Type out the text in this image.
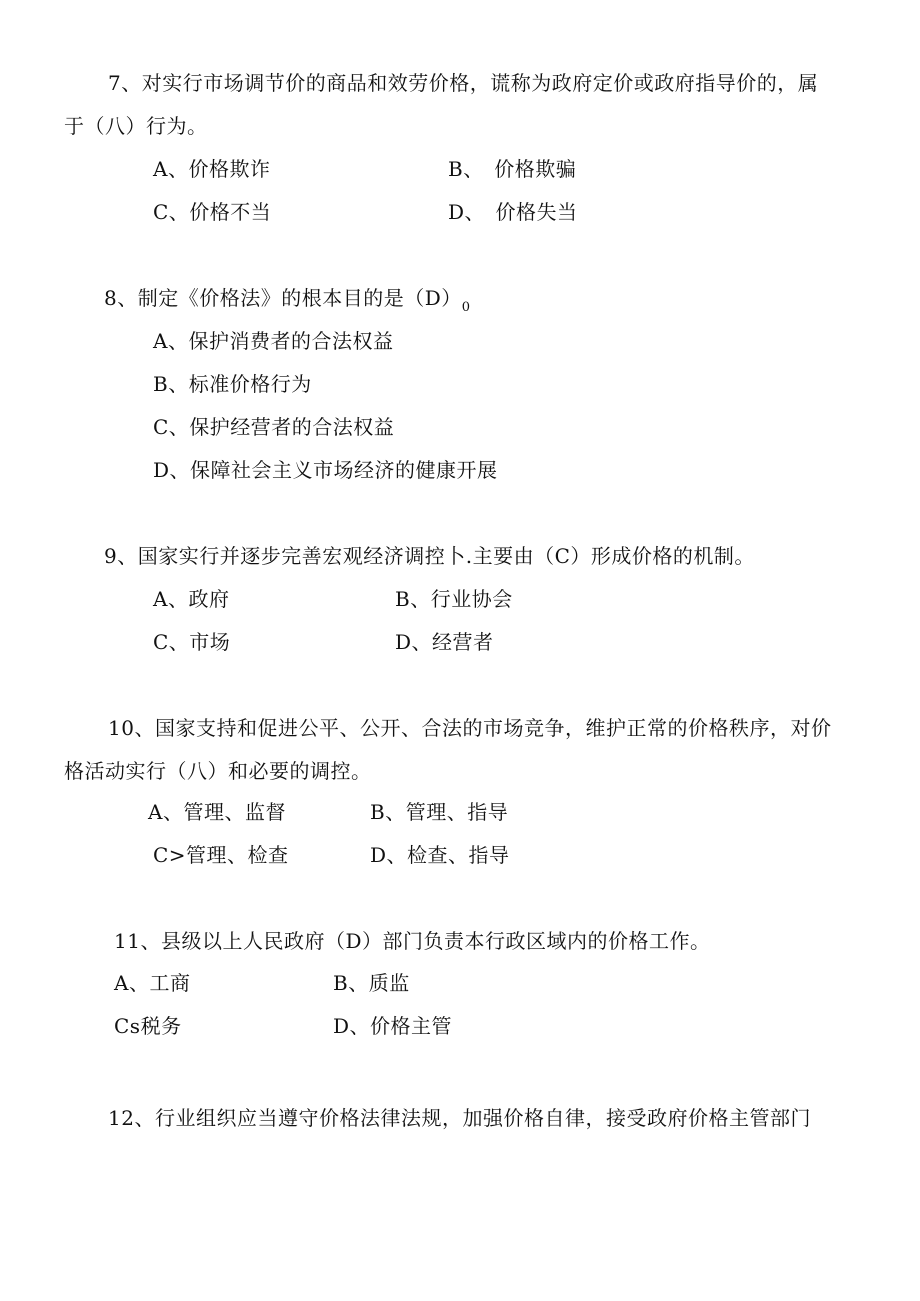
7、对实行市场调节价的商品和效劳价格，谎称为政府定价或政府指导价的，属
于（八）行为。
A、价格欺诈	B、　价格欺骗
C、价格不当	D、　价格失当
8、制定《价格法》的根本目的是$(D)_0$
A、保护消费者的合法权益
B、标准价格行为
C、保护经营者的合法权益
D、保障社会主义市场经济的健康开展
9、国家实行并逐步完善宏观经济调控卜.主要由（C）形成价格的机制。
A、政府	B、行业协会
C、市场	D、经营者
10、国家支持和促进公平、公开、合法的市场竞争，维护正常的价格秩序，对价
格活动实行（八）和必要的调控。
A、管理、监督	B、管理、指导
C>管理、检查	D、检查、指导
11、县级以上人民政府（D）部门负责本行政区域内的价格工作。
A、工商	B、质监
Cs税务	D、价格主管
12、行业组织应当遵守价格法律法规，加强价格自律，接受政府价格主管部门
